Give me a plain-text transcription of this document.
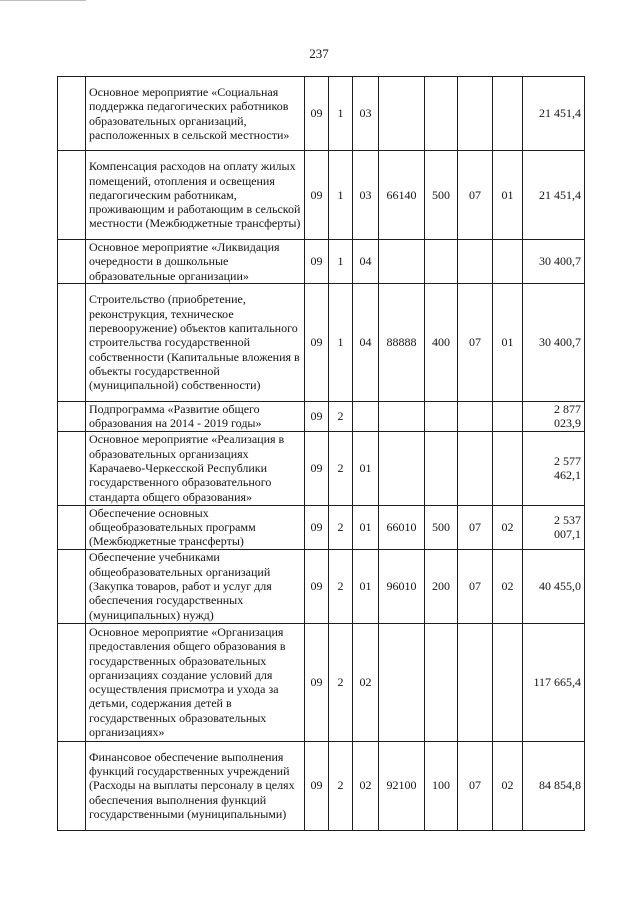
237
	Основное мероприятие «Социальная поддержка педагогических работников образовательных организаций, расположенных в сельской местности»	09	1	03					21 451,4
	Компенсация расходов на оплату жилых помещений, отопления и освещения педагогическим работникам, проживающим и работающим в сельской местности (Межбюджетные трансферты)	09	1	03	66140	500	07	01	21 451,4
	Основное мероприятие «Ликвидация очередности в дошкольные образовательные организации»	09	1	04					30 400,7
	Строительство (приобретение, реконструкция, техническое перевооружение) объектов капитального строительства государственной собственности (Капитальные вложения в объекты государственной (муниципальной) собственности)	09	1	04	88888	400	07	01	30 400,7
	Подпрограмма «Развитие общего образования на 2014 - 2019 годы»	09	2						2 877 023,9
	Основное мероприятие «Реализация в образовательных организациях Карачаево-Черкесской Республики государственного образовательного стандарта общего образования»	09	2	01					2 577 462,1
	Обеспечение основных общеобразовательных программ (Межбюджетные трансферты)	09	2	01	66010	500	07	02	2 537 007,1
	Обеспечение учебниками общеобразовательных организаций (Закупка товаров, работ и услуг для обеспечения государственных (муниципальных) нужд)	09	2	01	96010	200	07	02	40 455,0
	Основное мероприятие «Организация предоставления общего образования в государственных образовательных организациях создание условий для осуществления присмотра и ухода за детьми, содержания детей в государственных образовательных организациях»	09	2	02					117 665,4
	Финансовое обеспечение выполнения функций государственных учреждений (Расходы на выплаты персоналу в целях обеспечения выполнения функций государственными (муниципальными)	09	2	02	92100	100	07	02	84 854,8
